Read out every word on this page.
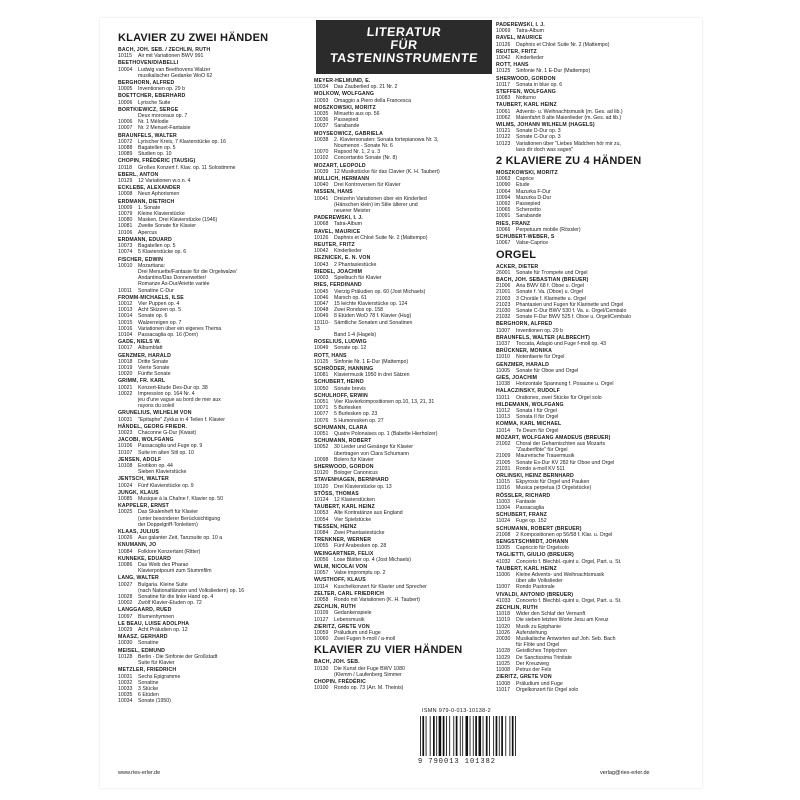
LITERATUR
FÜR
TASTENINSTRUMENTE
KLAVIER ZU ZWEI HÄNDEN
BACH, JOH. SEB. / ZECHLIN, RUTH
10115	Air mit Variationen BWV 991
BEETHOVEN/DIABELLI
10004	Ludwig van Beethovens Walzer
musikalischer Gedanke WoO 62
BERGHORN, ALFRED
10005	Inventionen op. 29 b
BOETTCHER, EBERHARD
10006	Lyrische Suite
BORTKIEWICZ, SERGE
Deux morceaux op. 7
10006	Nr. 1 Mélodie
10007	Nr. 2 Menuet-Fantaisie
BRAUNFELS, WALTER
10072	Lyrischer Kreis, 7 Klavierstücke op. 16
10088	Bagatellen op. 5
10089	Studien op. 10
CHOPIN, FRÉDÉRIC (TAUSIG)
10118	Großes Konzert f. Klav. op. 11 Solostimme
EBERL, ANTON
10129	12 Variationen w.o.n. 4
ECKLEBE, ALEXANDER
10008	Neun Aphorismen
ERDMANN, DIETRICH
10009	1. Sonate
10079	Kleine Klavierstücke
10080	Masken, Drei Klavierstücke (1946)
10081	Zweite Sonate für Klavier
10106	Apercus
ERDMANN, EDUARD
10073	Bagatellen op. 5
10074	5 Klavierstücke op. 6
FISCHER, EDWIN
10010	Mozartiana:
Drei Menuette/Fantasie für die Orgelwalze/
Andantino/Das Donnerwetter/
Romanze As-Dur/Ariette variée
10011	Sonatine C-Dur
FROMM-MICHAELS, ILSE
10012	Vier Puppen op. 4
10013	Acht Skizzen op. 5
10014	Sonate op. 6
10015	Walzerreigen op. 7
10016	Variationen über ein eigenes Thema
10104	Passacaglia op. 16 (Dorn)
GADE, NIELS W.
10017	Albumblatt
GENZMER, HARALD
10018	Dritte Sonate
10019	Vierte Sonate
10020	Fünfte Sonate
GRIMM, FR. KARL
10021	Konzert-Etude Des-Dur op. 38
10022	Impression op. 164 Nr. 4
jeu d'une vague au bord de mer aux
rayons du soleil
GRUNELIUS, WILHELM VON
10031	"Epitaphe" Zyklus in 4 Teilen f. Klavier
HÄNDEL, GEORG FRIEDR.
10023	Chaconne G-Dur (Kwast)
JACOBI, WOLFGANG
10106	Passacaglia und Fuge op. 9
10107	Suite im alten Stil op. 10
JENSEN, ADOLF
10108	Erotikon op. 44
Sieben Klavierstücke
JENTSCH, WALTER
10024	Fünf Klavierstücke op. 9
JUNGK, KLAUS
10085	Musique à la Chaîne f. Klavier op. 50
KAPPELER, ERNST
10025	Das Skalenheft für Klavier
(unter besonderer Berücksichtigung
der Doppelgriff-Tonleitern)
KLAAS, JULIUS
10026	Aus galanter Zeit, Tanzsuite op. 10 a
KNUMANN, JO
10084	Folklore Konzertant (Ritter)
KUNNEKE, EDUARD
10086	Das Weib des Pharao
Klavierpotpourri zum Stummfilm
LANG, WALTER
10027	Bulgaria. Kleine Suite
(nach Nationaltänzen und Volksliedern) op. 16
10028	Sonatine für die linke Hand op. 4
10002	Zwölf Klavier-Etuden op. 72
LANGGAARD, RUED
10097	Blumenhymnen
LE BEAU, LUISE ADOLPHA
10029	Acht Präludien op. 12
MAASZ, GERHARD
10030	Sonatine
MEISEL, EDMUND
10128	Berlin - Die Sinfonie der Großstadt
Suite für Klavier
METZLER, FRIEDRICH
10031	Sechs Epigramme
10032	Sonatine
10033	3 Stücke
10035	6 Etüden
10034	Sonate (1950)
MEYER-HELMUND, E.
10034	Das Zauberlied op. 21 Nr. 2
MOLKOW, WOLFGANG
10093	Omaggio a Piero della Francesca
MOSZKOWSKI, MORITZ
10035	Minuetto aus op. 56
10036	Passepied
10037	Sarabande
MOYSEOWICZ, GABRIELA
10038	2. Klaviersonaten: Sonata fortepianowa Nr. 3,
Noumenon - Sonate Nr. 6
10070	Rapsod Nr. 1, 2 u. 3
10102	Concertantio Sonate (Nr. 8)
MOZART, LEOPOLD
10039	12 Musikstücke für das Clavier (K. H. Taubert)
MULLICH, HERMANN
10040	Drei Kontroversen für Klavier
NISSEN, HANS
10041	Dreizehn Variationen über ein Kinderlied
(Hänschen klein) im Stile älterer und
neuerer Meister
PADEREWSKI, I. J.
10068	Tatra-Album
RAVEL, MAURICE
10126	Daphnis et Chloé Suite Nr. 2 (Mattempo)
REUTER, FRITZ
10042	Kinderlieder
REZNICEK, E. N. VON
10043	2 Phantasiestücke
RIEDEL, JOACHIM
10003	Spielbuch für Klavier
RIES, FERDINAND
10045	Vierzig Präludien op. 60 (Jost Michaels)
10046	Marsch op. 61
10047	15 leichte Klavierstücke op. 124
10048	Zwei Rondos op. 158
10049	8 Etüden WoO 78 f. Klavier (Hug)
10110-13
Sämtliche Sonaten und Sonatinen
Band 1-4 (Hagels)
ROSELIUS, LUDWIG
10049	Sonate op. 12
ROTT, HANS
10125	Sinfonie Nr. 1 E-Dur (Mattempo)
SCHRÖDER, HANNING
10081	Klaviermusik 1950 in drei Sätzen
SCHUBERT, HEINO
10050	Sonate brevis
SCHULHOFF, ERWIN
10051	Vier Klavierkompositionen op.10, 13, 21, 31
10071	5 Burlesken
10077	5 Burlesken op. 23
10076	5 Humoresken op. 27
SCHUMANN, CLARA
10051	Quatre Polonaises op. 1 (Babette Hierholzer)
SCHUMANN, ROBERT
10052	30 Lieder und Gesänge für Klavier
übertragen von Clara Schumann
10098	Bolero für Klavier
SHERWOOD, GORDON
10120	Bologer Canonicus
STAVENHAGEN, BERNHARD
10120	Drei Klavierstücke op. 13
STÖSS, THOMAS
10124	12 Klavierstücken
TAUBERT, KARL HEINZ
10053	Alte Kontratänze aus England
10054	Vier Spielstücke
TIESSEN, HEINZ
10084	Zwei Phantasiestücke
TRENKNER, WERNER
10055	Fünf Arabesken op. 28
WEINGARTNER, FELIX
10056	Lose Blätter op. 4 (Jost Michaels)
WILM, NICOLAI VON
10057	Valse impromptu op. 2
WUSTHOFF, KLAUS
10114	Kuschelkonzert für Klavier und Sprecher
ZELTER, CARL FRIEDRICH
10058	Rondo mit Variationen (K. H. Taubert)
ZECHLIN, RUTH
10109	Gedankenspiele
10127	Lebensmusik
ZIERITZ, GRETE VON
10059	Präludium und Fuge
10060	Zwei Fugen h-moll / a-moll
KLAVIER ZU VIER HÄNDEN
BACH, JOH. SEB.
10130	Die Kunst der Fuge BWV 1080
(Klemm / Laufenberg Simmer
CHOPIN, FRÉDÉRIC
10100	Rondo op. 73 (Arr. M. Theinis)
PADEREWSKI, I. J.
10069	Tatra-Album
RAVEL, MAURICE
10126	Daphnis et Chloé Suite Nr. 2 (Mattempo)
REUTER, FRITZ
10042	Kinderlieder
ROTT, HANS
10125	Sinfonie Nr. 1 E-Dur (Mattempo)
SHERWOOD, GORDON
10117	Sonata in blue op. 6
STEFFEN, WOLFGANG
10083	Notturno
TAUBERT, KARL HEINZ
10061	Advents- u. Weihnachtsmusik (m. Ges. ad lib.)
10062	Maienfahrt 8 alte Maienlieder (m. Ges. ad lib.)
WILMS, JOHANN WILHELM (HAGELS)
10121	Sonate D-Dur op. 3
10122	Sonate C-Dur op. 3
10123	Variationen über "Liebes Mädchen hör mir zu,
lass dir doch was sagen"
2 KLAVIERE ZU 4 HÄNDEN
MOSZKOWSKI, MORITZ
10063	Caprice
10090	Etude
10064	Mazurka F-Dur
10094	Mazurka D-Dur
10092	Passepied
10065	Scherzetto
10091	Sarabande
RIES, FRANZ
10066	Perpetuum mobile (Rössler)
SCHUBERT-WEBER, S
10067	Valse-Caprice
ORGEL
ACKER, DIETER
26001	Sonate für Trompete und Orgel
BACH, JOH. SEBASTIAN (BREUER)
21006	Aria BWV 68 f. Oboe u. Orgel
21001	Sonate f. Va. (Oboe) u. Orgel
21003	3 Choräle f. Klarinette u. Orgel
21023	Phantasien und Fugen für Klarinette und Orgel
21030	Sonate C-Dur BWV 530 f. Va. u. Orgel/Cembalo
21032	Sonate F-Dur BWV 525 f. Oboe u. Orgel/Cembalo
BERGHORN, ALFRED
11007	Inventionen op. 29 b
BRAUNFELS, WALTER (ALBRECHT)
11037	Toccata, Adagio und Fuge f-moll op. 43
BRÜCKNER, MONIKA
11010	Notenfaerie für Orgel
GENZMER, HARALD
11005	Sonate für Oboe und Orgel
GIES, JOACHIM
11038	Horizontale Spannung f. Posaune u. Orgel
HALACZINSKY, RUDOLF
11011	Orationes, zwei Stücke für Orgel solo
HILDEMANN, WOLFGANG
11012	Sonata I für Orgel
11013	Sonata II für Orgel
KOMMA, KARL MICHAEL
11014	Te Deum für Orgel
MOZART, WOLFGANG AMADEUS (BREUER)
21002	Choral der Geharnischten aus Mozarts
"Zauberflöte" für Orgel
21009	Maurerische Trauermusik
21005	Sonate Es-Dur KV 282 für Oboe und Orgel
21031	Rondo a-moll KV 511
ORLINSKI, HEINZ BERNHARD
11015	Ekpyrosis für Orgel und Pauken
11016	Musica perpetua (3 Orgelstücke)
RÖSSLER, RICHARD
11003	Fantasie
11004	Passacaglia
SCHUBERT, FRANZ
11024	Fuge op. 152
SCHUMANN, ROBERT (BREUER)
21008	2 Kompositionen op 56/58 f. Klar. u. Orgel
SENGSTSCHMIDT, JOHANN
11005	Capriccio für Orgelsolo
TAGLIETTI, GIULIO (BREUER)
41032	Concerto f. Blechbl.-quint u. Orgel, Part. u. St.
TAUBERT, KARL HEINZ
11006	Kleine Advents- und Weihnachtsmusik
über alte Volkslieder
11007	Rondo Pastorale
VIVALDI, ANTONIO (BREUER)
41033	Concerto f. Blechbl.-quint u. Orgel, Part. u. St.
ZECHLIN, RUTH
11018	Wider den Schlaf der Vernunft
11019	Die sieben letzten Worte Jesu am Kreuz
11020	Musik zu Epiphanie
11026	Auferstehung
20030	Musikalische Antworten auf Joh. Seb. Bach
für Flöte und Orgel
11028	Geistliches Triptychon
11029	De Sanctissima Trinitate
11025	Der Kreuzweg
11008	Petrus der Fels
ZIERITZ, GRETE VON
11008	Präludium und Fuge
11017	Orgelkonzert für Orgel solo
ISMN 979-0-013-10138-2
9 790013 101382
www.ries-erler.de	verlag@ries-erler.de
